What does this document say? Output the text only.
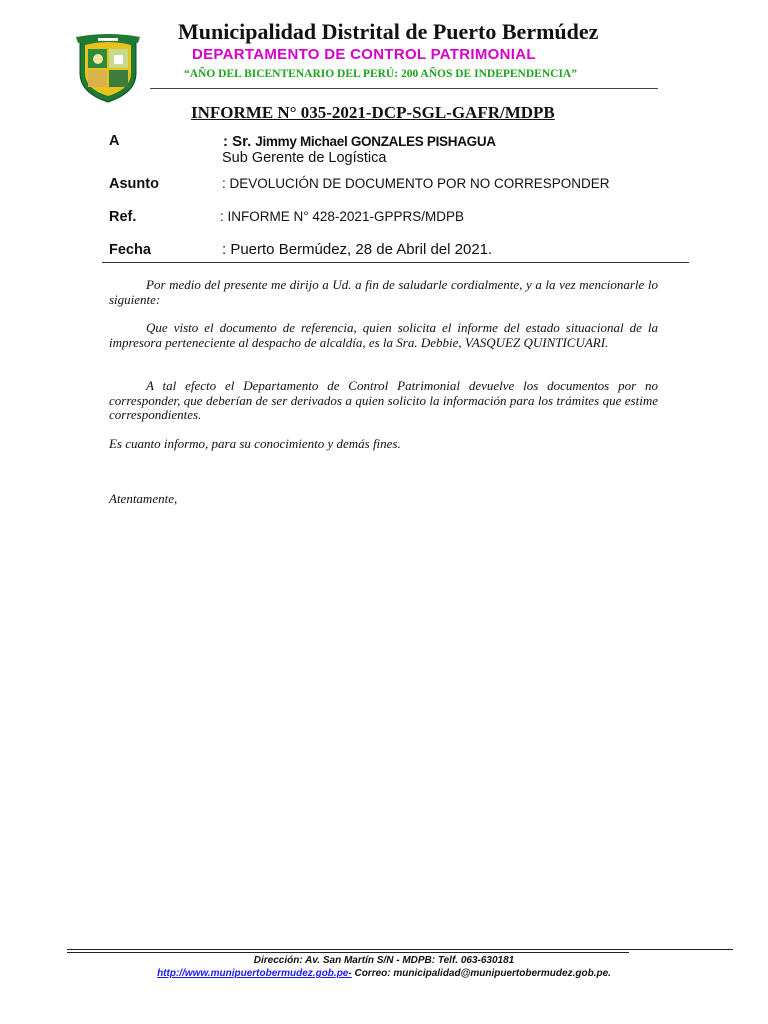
Municipalidad Distrital de Puerto Bermúdez
DEPARTAMENTO DE CONTROL PATRIMONIAL
“AÑO DEL BICENTENARIO DEL PERÚ: 200 AÑOS DE INDEPENDENCIA”
INFORME N° 035-2021-DCP-SGL-GAFR/MDPB
A	: Sr. Jimmy Michael GONZALES PISHAGUA
Sub Gerente de Logística
Asunto	: DEVOLUCIÓN DE DOCUMENTO POR NO CORRESPONDER
Ref.	: INFORME N° 428-2021-GPPRS/MDPB
Fecha	: Puerto Bermúdez, 28 de Abril del 2021.
Por medio del presente me dirijo a Ud. a fin de saludarle cordialmente, y a la vez mencionarle lo siguiente:
Que visto el documento de referencia, quien solicita el informe del estado situacional de la impresora perteneciente al despacho de alcaldía, es la Sra. Debbie, VASQUEZ QUINTICUARI.
A tal efecto el Departamento de Control Patrimonial devuelve los documentos por no corresponder, que deberían de ser derivados a quien solicito la información para los trámites que estime correspondientes.
Es cuanto informo, para su conocimiento y demás fines.
Atentamente,
Dirección: Av. San Martín S/N - MDPB: Telf. 063-630181
http://www.munipuertobermudez.gob.pe- Correo: municipalidad@munipuertobermudez.gob.pe.
